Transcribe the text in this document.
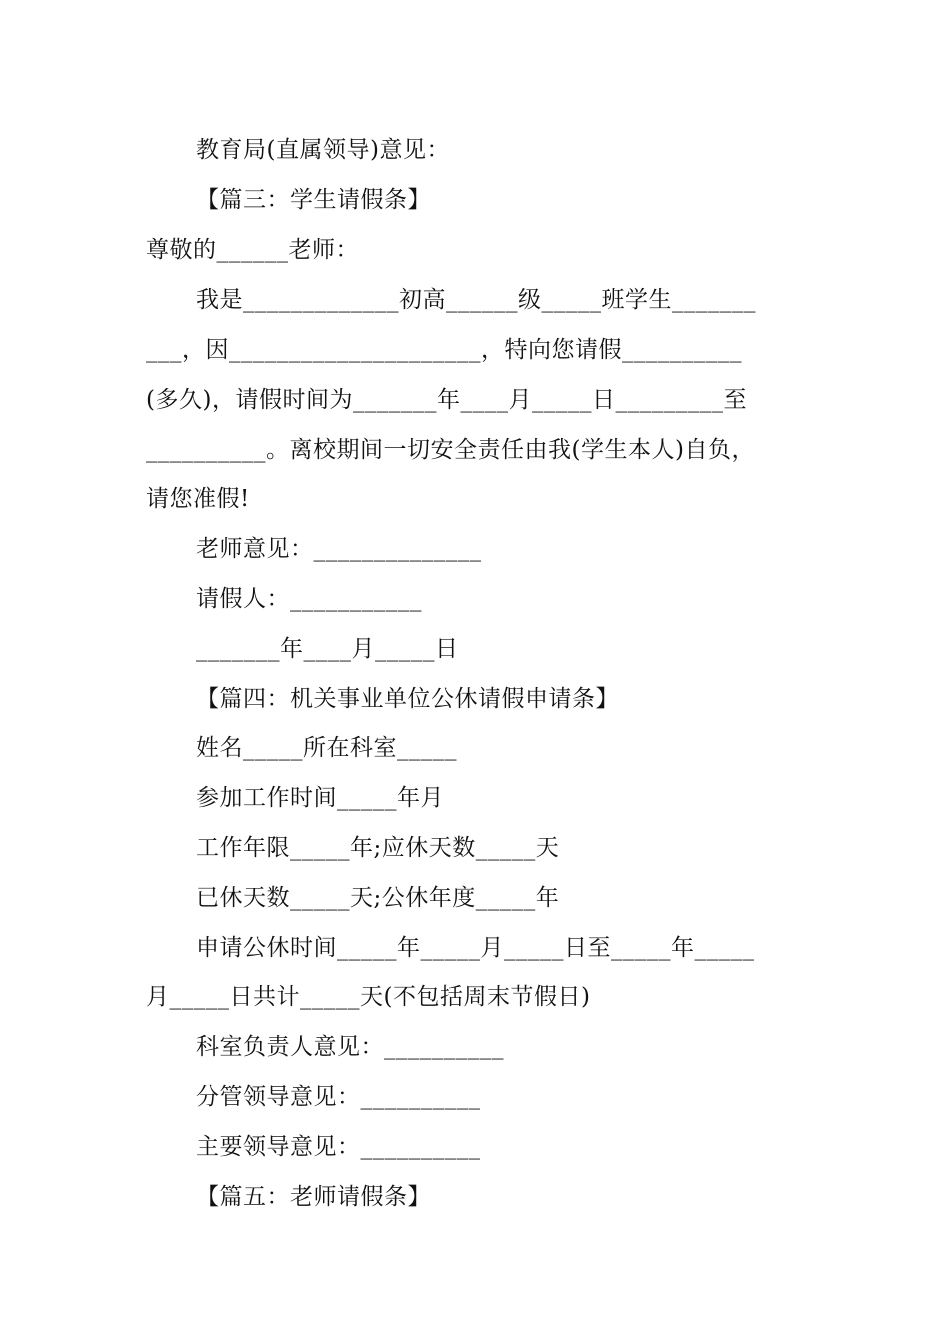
教育局(直属领导)意见：
【篇三：学生请假条】
尊敬的______老师：
我是_____________初高______级_____班学生_______
___，因_____________________，特向您请假__________
(多久)，请假时间为_______年____月_____日_________至
__________。离校期间一切安全责任由我(学生本人)自负，
请您准假!
老师意见：______________
请假人：___________
_______年____月_____日
【篇四：机关事业单位公休请假申请条】
姓名_____所在科室_____
参加工作时间_____年月
工作年限_____年;应休天数_____天
已休天数_____天;公休年度_____年
申请公休时间_____年_____月_____日至_____年_____
月_____日共计_____天(不包括周末节假日)
科室负责人意见：__________
分管领导意见：__________
主要领导意见：__________
【篇五：老师请假条】
